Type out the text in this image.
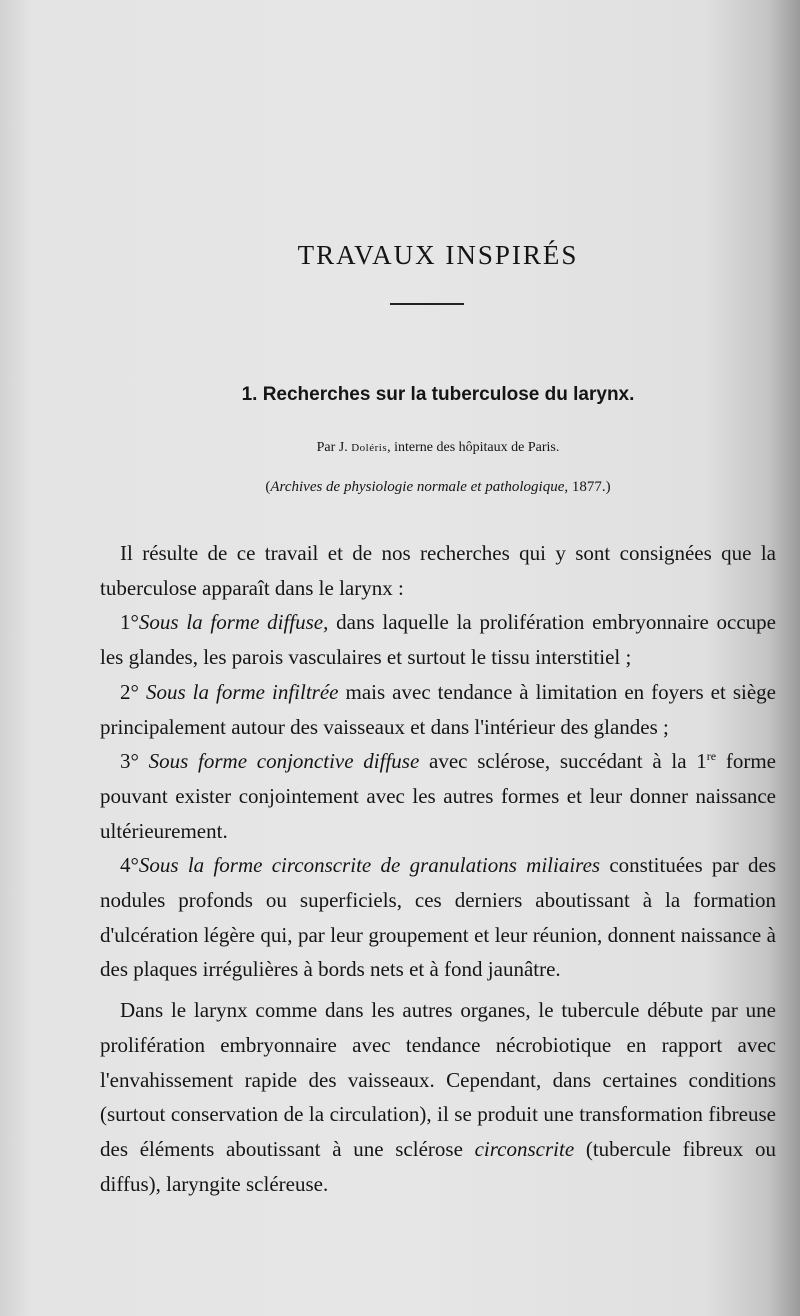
TRAVAUX INSPIRÉS
1. Recherches sur la tuberculose du larynx.
Par J. Doléris, interne des hôpitaux de Paris.
(Archives de physiologie normale et pathologique, 1877.)

Il résulte de ce travail et de nos recherches qui y sont consignées que la tuberculose apparaît dans le larynx :

1°Sous la forme diffuse, dans laquelle la prolifération embryonnaire occupe les glandes, les parois vasculaires et surtout le tissu interstitiel ;

2° Sous la forme infiltrée mais avec tendance à limitation en foyers et siège principalement autour des vaisseaux et dans l'intérieur des glandes ;

3° Sous forme conjonctive diffuse avec sclérose, succédant à la 1re forme pouvant exister conjointement avec les autres formes et leur donner naissance ultérieurement.

4°Sous la forme circonscrite de granulations miliaires constituées par des nodules profonds ou superficiels, ces derniers aboutissant à la formation d'ulcération légère qui, par leur groupement et leur réunion, donnent naissance à des plaques irrégulières à bords nets et à fond jaunâtre.

Dans le larynx comme dans les autres organes, le tubercule débute par une prolifération embryonnaire avec tendance nécrobiotique en rapport avec l'envahissement rapide des vaisseaux. Cependant, dans certaines conditions (surtout conservation de la circulation), il se produit une transformation fibreuse des éléments aboutissant à une sclérose circonscrite (tubercule fibreux ou diffus), laryngite scléreuse.
